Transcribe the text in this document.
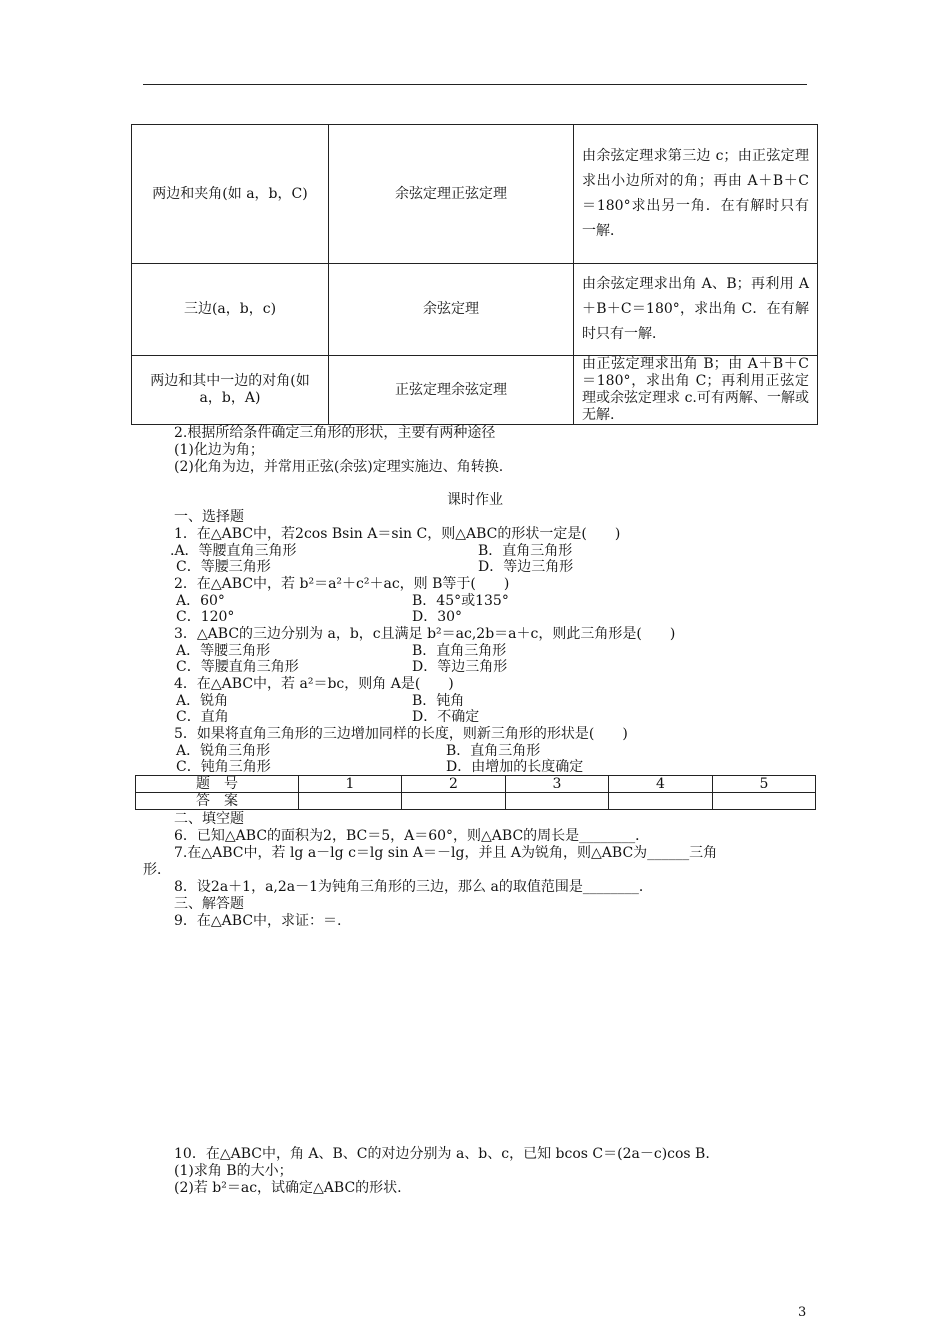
两边和夹角(如 a，b，C)	余弦定理正弦定理	由余弦定理求第三边 c；由正弦定理求出小边所对的角；再由 A＋B＋C＝180°求出另一角．在有解时只有一解．
三边(a，b，c)	余弦定理	由余弦定理求出角 A、B；再利用 A＋B＋C＝180°，求出角 C．在有解时只有一解．
两边和其中一边的对角(如 a，b，A)	正弦定理余弦定理	由正弦定理求出角 B；由 A＋B＋C＝180°，求出角 C；再利用正弦定理或余弦定理求 c.可有两解、一解或无解.
2.根据所给条件确定三角形的形状，主要有两种途径
(1)化边为角；
(2)化角为边，并常用正弦(余弦)定理实施边、角转换.
课时作业
一、选择题
1．在△ABC中，若2cos Bsin A＝sin C，则△ABC的形状一定是(　　)
.A．等腰直角三角形	B．直角三角形
C．等腰三角形	D．等边三角形
2．在△ABC中，若 b²＝a²＋c²＋ac，则 B等于(　　)
A．60°	B．45°或135°
C．120°	D．30°
3．△ABC的三边分别为 a，b，c且满足 b²＝ac,2b＝a＋c，则此三角形是(　　)
A．等腰三角形	B．直角三角形
C．等腰直角三角形	D．等边三角形
4．在△ABC中，若 a²＝bc，则角 A是(　　)
A．锐角	B．钝角
C．直角	D．不确定
5．如果将直角三角形的三边增加同样的长度，则新三角形的形状是(　　)
A．锐角三角形	B．直角三角形
C．钝角三角形	D．由增加的长度确定
题　号	1	2	3	4	5
答　案					
二、填空题
6．已知△ABC的面积为2，BC＝5，A＝60°，则△ABC的周长是________．
7.在△ABC中，若 lg a－lg c＝lg sin A＝－lg，并且 A为锐角，则△ABC为______三角
形．
8．设2a＋1，a,2a－1为钝角三角形的三边，那么 a的取值范围是________．
三、解答题
9．在△ABC中，求证：＝.
10．在△ABC中，角 A、B、C的对边分别为 a、b、c，已知 bcos C＝(2a－c)cos B.
(1)求角 B的大小；
(2)若 b²＝ac，试确定△ABC的形状.
3
